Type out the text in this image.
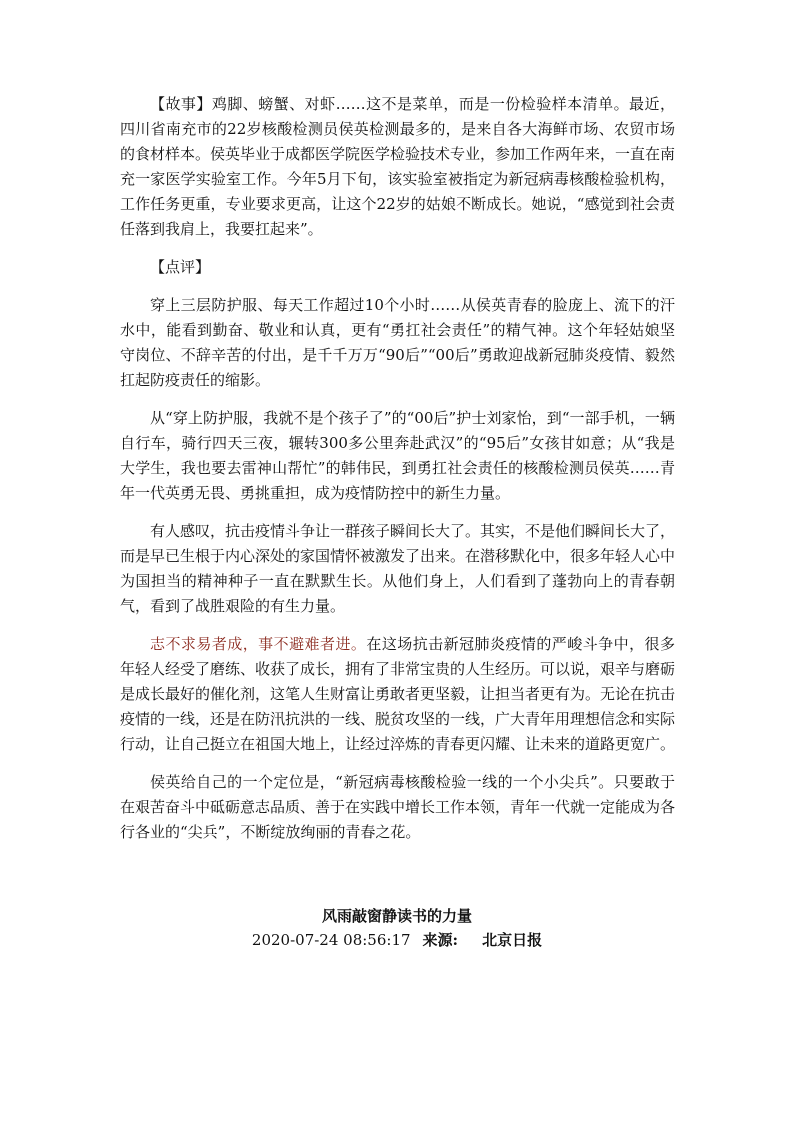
【故事】鸡脚、螃蟹、对虾……这不是菜单，而是一份检验样本清单。最近，四川省南充市的22岁核酸检测员侯英检测最多的，是来自各大海鲜市场、农贸市场的食材样本。侯英毕业于成都医学院医学检验技术专业，参加工作两年来，一直在南充一家医学实验室工作。今年5月下旬，该实验室被指定为新冠病毒核酸检验机构，工作任务更重，专业要求更高，让这个22岁的姑娘不断成长。她说，“感觉到社会责任落到我肩上，我要扛起来”。

【点评】

穿上三层防护服、每天工作超过10个小时……从侯英青春的脸庞上、流下的汗水中，能看到勤奋、敬业和认真，更有“勇扛社会责任”的精气神。这个年轻姑娘坚守岗位、不辞辛苦的付出，是千千万万“90后”“00后”勇敢迎战新冠肺炎疫情、毅然扛起防疫责任的缩影。

从“穿上防护服，我就不是个孩子了”的“00后”护士刘家怡，到“一部手机，一辆自行车，骑行四天三夜，辗转300多公里奔赴武汉”的“95后”女孩甘如意；从“我是大学生，我也要去雷神山帮忙”的韩伟民，到勇扛社会责任的核酸检测员侯英……青年一代英勇无畏、勇挑重担，成为疫情防控中的新生力量。

有人感叹，抗击疫情斗争让一群孩子瞬间长大了。其实，不是他们瞬间长大了，而是早已生根于内心深处的家国情怀被激发了出来。在潜移默化中，很多年轻人心中为国担当的精神种子一直在默默生长。从他们身上，人们看到了蓬勃向上的青春朝气，看到了战胜艰险的有生力量。

志不求易者成，事不避难者进。在这场抗击新冠肺炎疫情的严峻斗争中，很多年轻人经受了磨练、收获了成长，拥有了非常宝贵的人生经历。可以说，艰辛与磨砺是成长最好的催化剂，这笔人生财富让勇敢者更坚毅，让担当者更有为。无论在抗击疫情的一线，还是在防汛抗洪的一线、脱贫攻坚的一线，广大青年用理想信念和实际行动，让自己挺立在祖国大地上，让经过淬炼的青春更闪耀、让未来的道路更宽广。

侯英给自己的一个定位是，“新冠病毒核酸检验一线的一个小尖兵”。只要敢于在艰苦奋斗中砥砺意志品质、善于在实践中增长工作本领，青年一代就一定能成为各行各业的“尖兵”，不断绽放绚丽的青春之花。

风雨敲窗静读书的力量
2020-07-24 08:56:17 来源: 北京日报
